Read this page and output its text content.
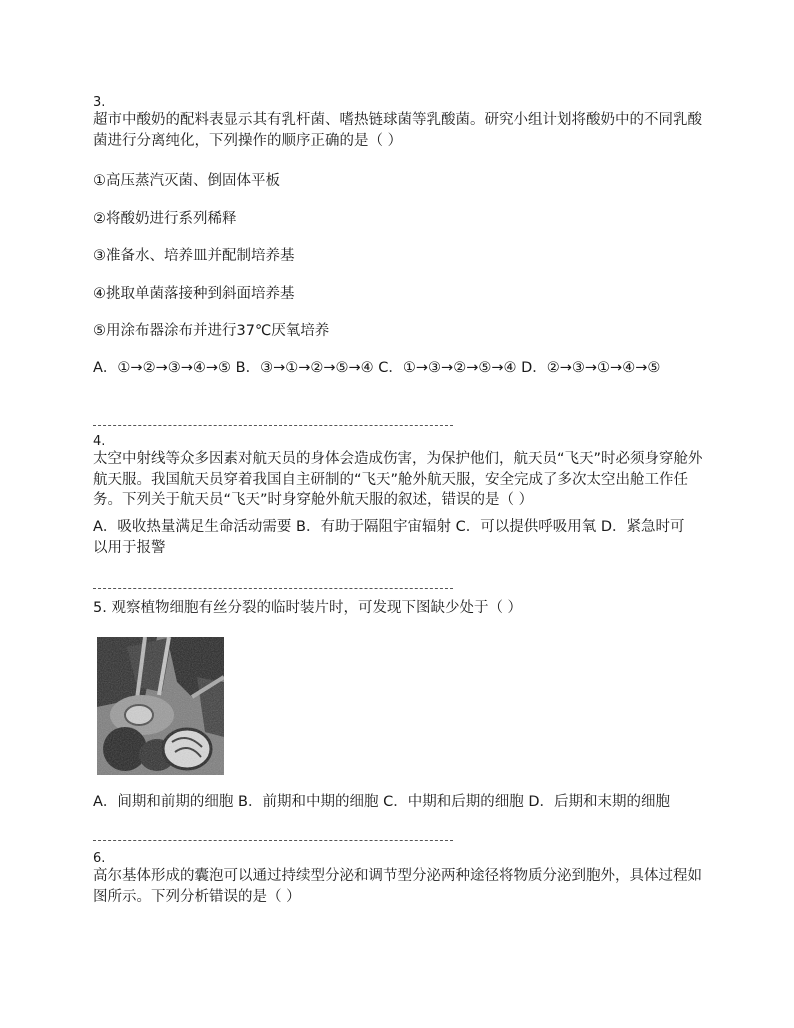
3.
超市中酸奶的配料表显示其有乳杆菌、嗜热链球菌等乳酸菌。研究小组计划将酸奶中的不同乳酸菌进行分离纯化，下列操作的顺序正确的是（ ）
①高压蒸汽灭菌、倒固体平板
②将酸奶进行系列稀释
③准备水、培养皿并配制培养基
④挑取单菌落接种到斜面培养基
⑤用涂布器涂布并进行37℃厌氧培养
A．①→②→③→④→⑤ B．③→①→②→⑤→④ C．①→③→②→⑤→④ D．②→③→①→④→⑤
4.
太空中射线等众多因素对航天员的身体会造成伤害，为保护他们，航天员“飞天”时必须身穿舱外航天服。我国航天员穿着我国自主研制的“飞天”舱外航天服，安全完成了多次太空出舱工作任务。下列关于航天员“飞天”时身穿舱外航天服的叙述，错误的是（ ）
A．吸收热量满足生命活动需要 B．有助于隔阻宇宙辐射 C．可以提供呼吸用氧 D．紧急时可以用于报警
5. 观察植物细胞有丝分裂的临时装片时，可发现下图缺少处于（ ）
A．间期和前期的细胞 B．前期和中期的细胞 C．中期和后期的细胞 D．后期和末期的细胞
6.
高尔基体形成的囊泡可以通过持续型分泌和调节型分泌两种途径将物质分泌到胞外，具体过程如图所示。下列分析错误的是（ ）
